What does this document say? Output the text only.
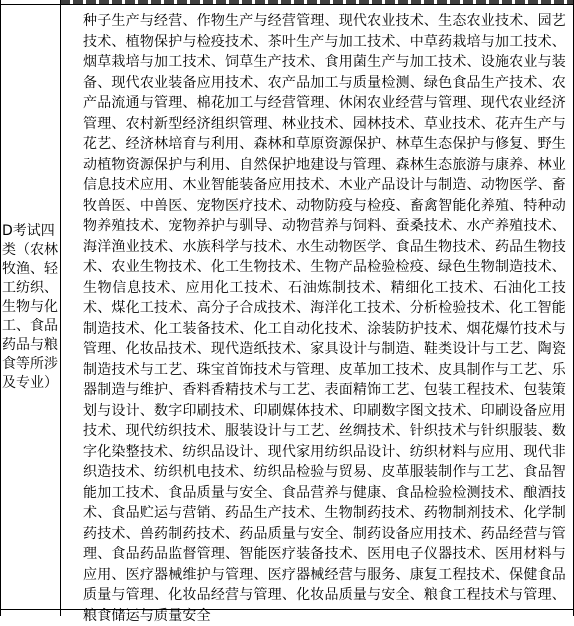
D考试四类（农林牧渔、轻工纺织、生物与化工、食品药品与粮食等所涉及专业）
种子生产与经营、作物生产与经营管理、现代农业技术、生态农业技术、园艺技术、植物保护与检疫技术、茶叶生产与加工技术、中草药栽培与加工技术、烟草栽培与加工技术、饲草生产技术、食用菌生产与加工技术、设施农业与装备、现代农业装备应用技术、农产品加工与质量检测、绿色食品生产技术、农产品流通与管理、棉花加工与经营管理、休闲农业经营与管理、现代农业经济管理、农村新型经济组织管理、林业技术、园林技术、草业技术、花卉生产与花艺、经济林培育与利用、森林和草原资源保护、林草生态保护与修复、野生动植物资源保护与利用、自然保护地建设与管理、森林生态旅游与康养、林业信息技术应用、木业智能装备应用技术、木业产品设计与制造、动物医学、畜牧兽医、中兽医、宠物医疗技术、动物防疫与检疫、畜禽智能化养殖、特种动物养殖技术、宠物养护与驯导、动物营养与饲料、蚕桑技术、水产养殖技术、海洋渔业技术、水族科学与技术、水生动物医学、食品生物技术、药品生物技术、农业生物技术、化工生物技术、生物产品检验检疫、绿色生物制造技术、生物信息技术、应用化工技术、石油炼制技术、精细化工技术、石油化工技术、煤化工技术、高分子合成技术、海洋化工技术、分析检验技术、化工智能制造技术、化工装备技术、化工自动化技术、涂装防护技术、烟花爆竹技术与管理、化妆品技术、现代造纸技术、家具设计与制造、鞋类设计与工艺、陶瓷制造技术与工艺、珠宝首饰技术与管理、皮革加工技术、皮具制作与工艺、乐器制造与维护、香料香精技术与工艺、表面精饰工艺、包装工程技术、包装策划与设计、数字印刷技术、印刷媒体技术、印刷数字图文技术、印刷设备应用技术、现代纺织技术、服装设计与工艺、丝绸技术、针织技术与针织服装、数字化染整技术、纺织品设计、现代家用纺织品设计、纺织材料与应用、现代非织造技术、纺织机电技术、纺织品检验与贸易、皮革服装制作与工艺、食品智能加工技术、食品质量与安全、食品营养与健康、食品检验检测技术、酿酒技术、食品贮运与营销、药品生产技术、生物制药技术、药物制剂技术、化学制药技术、兽药制药技术、药品质量与安全、制药设备应用技术、药品经营与管理、食品药品监督管理、智能医疗装备技术、医用电子仪器技术、医用材料与应用、医疗器械维护与管理、医疗器械经营与服务、康复工程技术、保健食品质量与管理、化妆品经营与管理、化妆品质量与安全、粮食工程技术与管理、粮食储运与质量安全
